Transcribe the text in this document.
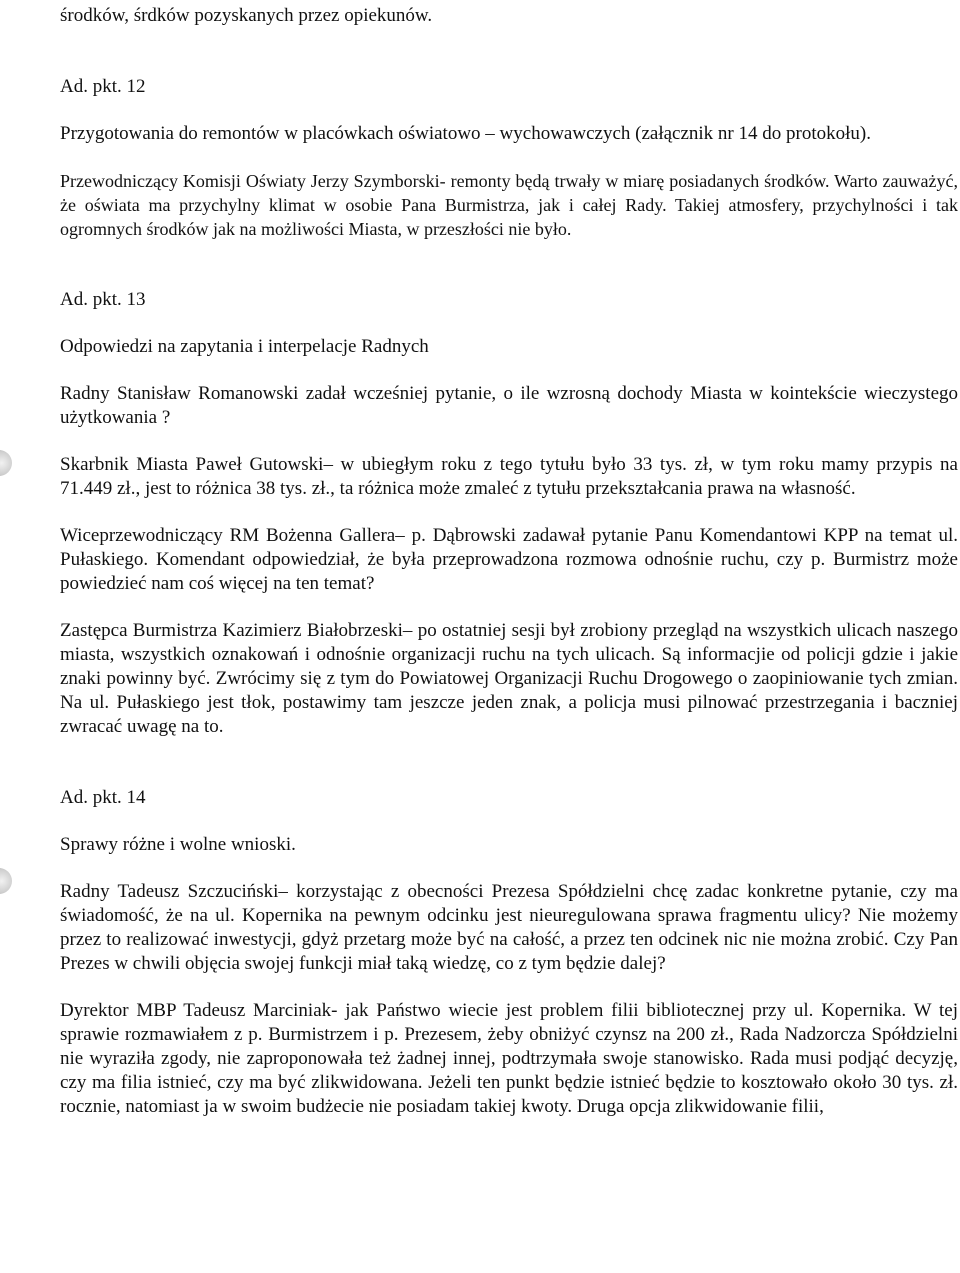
środków, śrdków pozyskanych przez opiekunów.

Ad. pkt. 12

Przygotowania do remontów w placówkach oświatowo – wychowawczych (załącznik nr 14 do protokołu).

Przewodniczący Komisji Oświaty Jerzy Szymborski- remonty będą trwały w miarę posiadanych środków. Warto zauważyć, że oświata ma przychylny klimat w osobie Pana Burmistrza, jak i całej Rady. Takiej atmosfery, przychylności i tak ogromnych środków jak na możliwości Miasta, w przeszłości nie było.

Ad. pkt. 13

Odpowiedzi na zapytania i interpelacje Radnych

Radny Stanisław Romanowski zadał wcześniej pytanie, o ile wzrosną dochody Miasta w kointekście wieczystego użytkowania ?

Skarbnik Miasta Paweł Gutowski– w ubiegłym roku z tego tytułu było 33 tys. zł, w tym roku mamy przypis na 71.449 zł., jest to różnica 38 tys. zł., ta różnica może zmaleć z tytułu przekształcania prawa na własność.

Wiceprzewodniczący RM Bożenna Gallera– p. Dąbrowski zadawał pytanie Panu Komendantowi KPP na temat ul. Pułaskiego. Komendant odpowiedział, że była przeprowadzona rozmowa odnośnie ruchu, czy p. Burmistrz może powiedzieć nam coś więcej na ten temat?

Zastępca Burmistrza Kazimierz Białobrzeski– po ostatniej sesji był zrobiony przegląd na wszystkich ulicach naszego miasta, wszystkich oznakowań i odnośnie organizacji ruchu na tych ulicach. Są informacjie od policji gdzie i jakie znaki powinny być. Zwrócimy się z tym do Powiatowej Organizacji Ruchu Drogowego o zaopiniowanie tych zmian. Na ul. Pułaskiego jest tłok, postawimy tam jeszcze jeden znak, a policja musi pilnować przestrzegania i baczniej zwracać uwagę na to.

Ad. pkt. 14

Sprawy różne i wolne wnioski.

Radny Tadeusz Szczuciński– korzystając z obecności Prezesa Spółdzielni chcę zadac konkretne pytanie, czy ma świadomość, że na ul. Kopernika na pewnym odcinku jest nieuregulowana sprawa fragmentu ulicy? Nie możemy przez to realizować inwestycji, gdyż przetarg może być na całość, a przez ten odcinek nic nie można zrobić. Czy Pan Prezes w chwili objęcia swojej funkcji miał taką wiedzę, co z tym będzie dalej?

Dyrektor MBP Tadeusz Marciniak- jak Państwo wiecie jest problem filii bibliotecznej przy ul. Kopernika. W tej sprawie rozmawiałem z p. Burmistrzem i p. Prezesem, żeby obniżyć czynsz na 200 zł., Rada Nadzorcza Spółdzielni nie wyraziła zgody, nie zaproponowała też żadnej innej, podtrzymała swoje stanowisko. Rada musi podjąć decyzję, czy ma filia istnieć, czy ma być zlikwidowana. Jeżeli ten punkt będzie istnieć będzie to kosztowało około 30 tys. zł. rocznie, natomiast ja w swoim budżecie nie posiadam takiej kwoty. Druga opcja zlikwidowanie filii,
